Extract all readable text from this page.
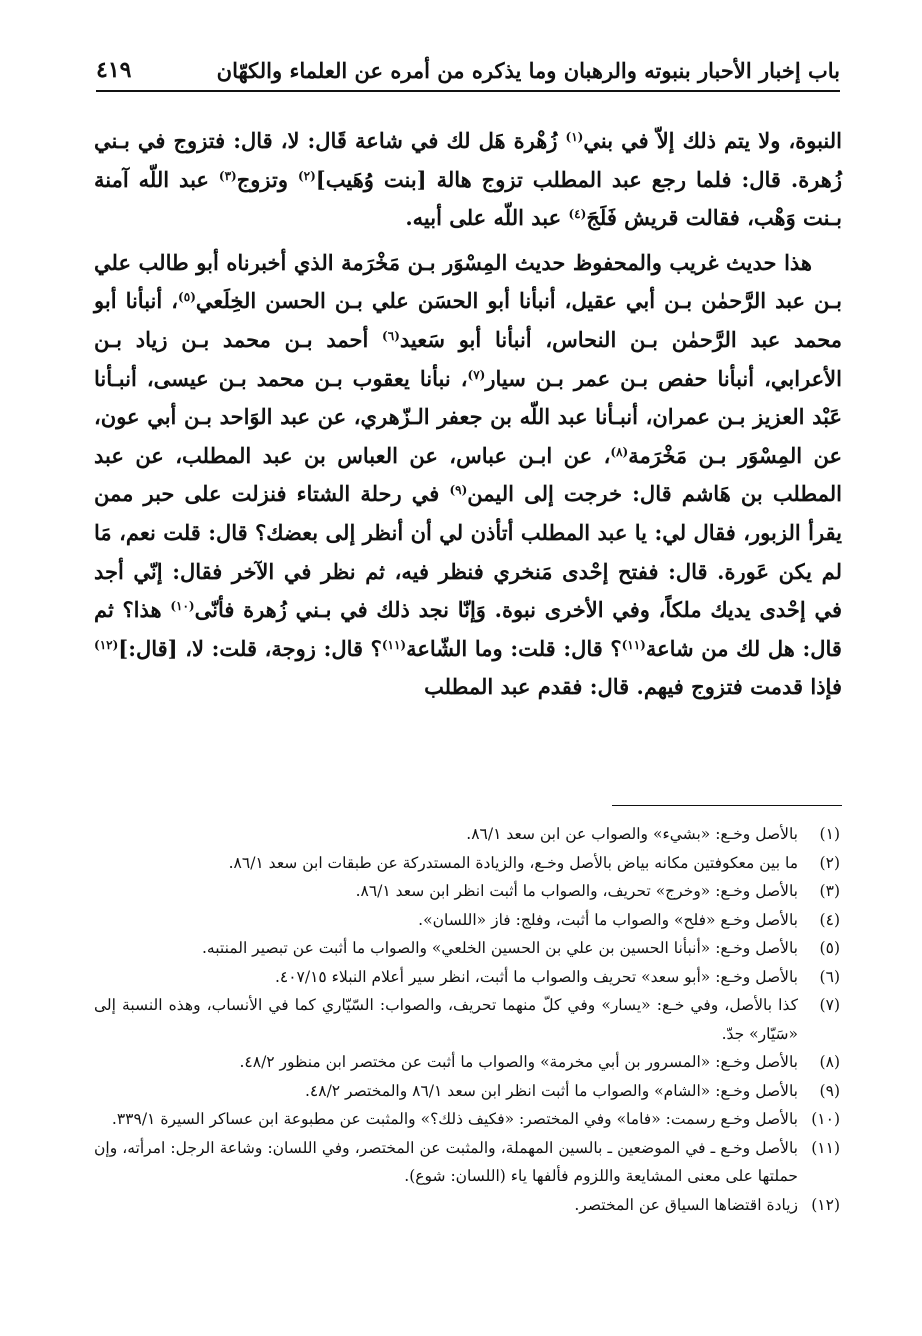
باب إخبار الأحبار بنبوته والرهبان وما يذكره من أمره عن العلماء والكهّان
٤١٩

النبوة، ولا يتم ذلك إلاّ في بني$^{(١)}$ زُهْرة هَل لك في شاعة قَال: لا، قال: فتزوج في بـني زُهرة. قال: فلما رجع عبد المطلب تزوج هالة [بنت وُهَيب]$^{(٢)}$ وتزوج$^{(٣)}$ عبد اللّه آمنة بـنت وَهْب، فقالت قريش فَلَجَ$^{(٤)}$ عبد اللّه على أبيه.

هذا حديث غريب والمحفوظ حديث المِسْوَر بـن مَخْرَمة الذي أخبرناه أبو طالب علي بـن عبد الرَّحمٰن بـن أبي عقيل، أنبأنا أبو الحسَن علي بـن الحسن الخِلَعي$^{(٥)}$، أنبأنا أبو محمد عبد الرَّحمٰن بـن النحاس، أنبأنا أبو سَعيد$^{(٦)}$ أحمد بـن محمد بـن زياد بـن الأعرابي، أنبأنا حفص بـن عمر بـن سيار$^{(٧)}$، نبأنا يعقوب بـن محمد بـن عيسى، أنبـأنا عَبْد العزيز بـن عمران، أنبـأنا عبد اللّه بن جعفر الـزّهري، عن عبد الوَاحد بـن أبي عون، عن المِسْوَر بـن مَخْرَمة$^{(٨)}$، عن ابـن عباس، عن العباس بن عبد المطلب، عن عبد المطلب بن هَاشم قال: خرجت إلى اليمن$^{(٩)}$ في رحلة الشتاء فنزلت على حبر ممن يقرأ الزبور، فقال لي: يا عبد المطلب أتأذن لي أن أنظر إلى بعضك؟ قال: قلت نعم، مَا لم يكن عَورة. قال: ففتح إحْدى مَنخري فنظر فيه، ثم نظر في الآخر فقال: إنّي أجد في إحْدى يديك ملكاً، وفي الأخرى نبوة. وَإنّا نجد ذلك في بـني زُهرة فأنّى$^{(١٠)}$ هذا؟ ثم قال: هل لك من شاعة$^{(١١)}$؟ قال: قلت: وما الشّاعة$^{(١١)}$؟ قال: زوجة، قلت: لا، [قال:]$^{(١٢)}$ فإذا قدمت فتزوج فيهم. قال: فقدم عبد المطلب

(١)
بالأصل وخـع: «بشيء» والصواب عن ابن سعد ٨٦/١.
(٢)
ما بين معكوفتين مكانه بياض بالأصل وخـع، والزيادة المستدركة عن طبقات ابن سعد ٨٦/١.
(٣)
بالأصل وخـع: «وخرج» تحريف، والصواب ما أثبت انظر ابن سعد ٨٦/١.
(٤)
بالأصل وخـع «فلح» والصواب ما أثبت، وفلج: فاز «اللسان».
(٥)
بالأصل وخـع: «أنبأنا الحسين بن علي بن الحسين الخلعي» والصواب ما أثبت عن تبصير المنتبه.
(٦)
بالأصل وخـع: «أبو سعد» تحريف والصواب ما أثبت، انظر سير أعلام النبلاء ٤٠٧/١٥.
(٧)
كذا بالأصل، وفي خـع: «يسار» وفي كلّ منهما تحريف، والصواب: السّيّاري كما في الأنساب، وهذه النسبة إلى «سَيّار» جدّ.
(٨)
بالأصل وخـع: «المسرور بن أبي مخرمة» والصواب ما أثبت عن مختصر ابن منظور ٤٨/٢.
(٩)
بالأصل وخـع: «الشام» والصواب ما أثبت انظر ابن سعد ٨٦/١ والمختصر ٤٨/٢.
(١٠)
بالأصل وخـع رسمت: «فاما» وفي المختصر: «فكيف ذلك؟» والمثبت عن مطبوعة ابن عساكر السيرة ٣٣٩/١.
(١١)
بالأصل وخـع ـ في الموضعين ـ بالسين المهملة، والمثبت عن المختصر، وفي اللسان: وشاعة الرجل: امرأته، وإن حملتها على معنى المشايعة واللزوم فألفها ياء (اللسان: شوع).
(١٢)
زيادة اقتضاها السياق عن المختصر.
